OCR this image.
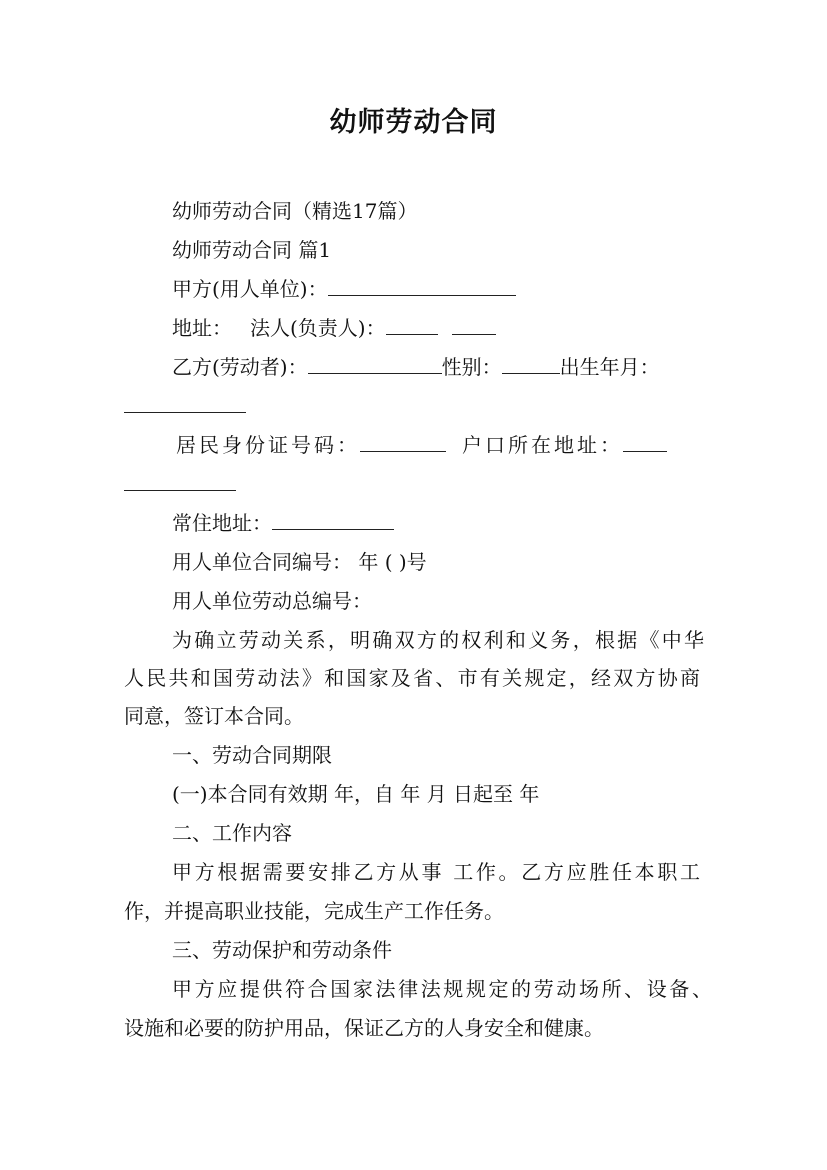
幼师劳动合同
幼师劳动合同（精选17篇）
幼师劳动合同 篇1
甲方(用人单位)：
地址： 法人(负责人)：
乙方(劳动者)：	性别：	出生年月：
居民身份证号码：	户口所在地址：
常住地址：
用人单位合同编号： 年 ( )号
用人单位劳动总编号：
为确立劳动关系，明确双方的权利和义务，根据《中华
人民共和国劳动法》和国家及省、市有关规定，经双方协商
同意，签订本合同。
一、劳动合同期限
(一)本合同有效期 年，自 年 月 日起至 年
二、工作内容
甲方根据需要安排乙方从事 工作。乙方应胜任本职工
作，并提高职业技能，完成生产工作任务。
三、劳动保护和劳动条件
甲方应提供符合国家法律法规规定的劳动场所、设备、
设施和必要的防护用品，保证乙方的人身安全和健康。
